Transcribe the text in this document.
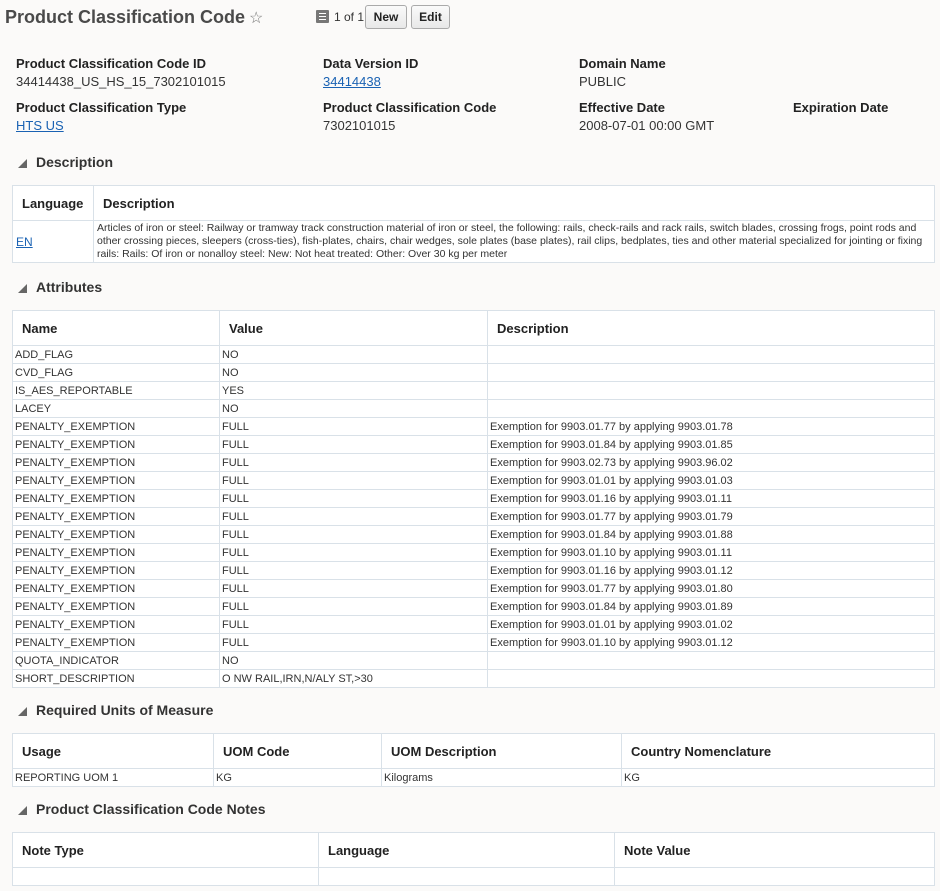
Product Classification Code ☆	1 of 1 New	Edit
Product Classification Code ID
34414438_US_HS_15_7302101015
Data Version ID
34414438
Domain Name
PUBLIC
Product Classification Type
HTS US
Product Classification Code
7302101015
Effective Date
2008-07-01 00:00 GMT
Expiration Date
Description
Language	Description
EN	Articles of iron or steel: Railway or tramway track construction material of iron or steel, the following: rails, check-rails and rack rails, switch blades, crossing frogs, point rods and other crossing pieces, sleepers (cross-ties), fish-plates, chairs, chair wedges, sole plates (base plates), rail clips, bedplates, ties and other material specialized for jointing or fixing rails: Rails: Of iron or nonalloy steel: New: Not heat treated: Other: Over 30 kg per meter
Attributes
Name	Value	Description
ADD_FLAG	NO	
CVD_FLAG	NO	
IS_AES_REPORTABLE	YES	
LACEY	NO	
PENALTY_EXEMPTION	FULL	Exemption for 9903.01.77 by applying 9903.01.78
PENALTY_EXEMPTION	FULL	Exemption for 9903.01.84 by applying 9903.01.85
PENALTY_EXEMPTION	FULL	Exemption for 9903.02.73 by applying 9903.96.02
PENALTY_EXEMPTION	FULL	Exemption for 9903.01.01 by applying 9903.01.03
PENALTY_EXEMPTION	FULL	Exemption for 9903.01.16 by applying 9903.01.11
PENALTY_EXEMPTION	FULL	Exemption for 9903.01.77 by applying 9903.01.79
PENALTY_EXEMPTION	FULL	Exemption for 9903.01.84 by applying 9903.01.88
PENALTY_EXEMPTION	FULL	Exemption for 9903.01.10 by applying 9903.01.11
PENALTY_EXEMPTION	FULL	Exemption for 9903.01.16 by applying 9903.01.12
PENALTY_EXEMPTION	FULL	Exemption for 9903.01.77 by applying 9903.01.80
PENALTY_EXEMPTION	FULL	Exemption for 9903.01.84 by applying 9903.01.89
PENALTY_EXEMPTION	FULL	Exemption for 9903.01.01 by applying 9903.01.02
PENALTY_EXEMPTION	FULL	Exemption for 9903.01.10 by applying 9903.01.12
QUOTA_INDICATOR	NO	
SHORT_DESCRIPTION	O NW RAIL,IRN,N/ALY ST,>30	
Required Units of Measure
Usage	UOM Code	UOM Description	Country Nomenclature
REPORTING UOM 1	KG	Kilograms	KG
Product Classification Code Notes
Note Type	Language	Note Value
